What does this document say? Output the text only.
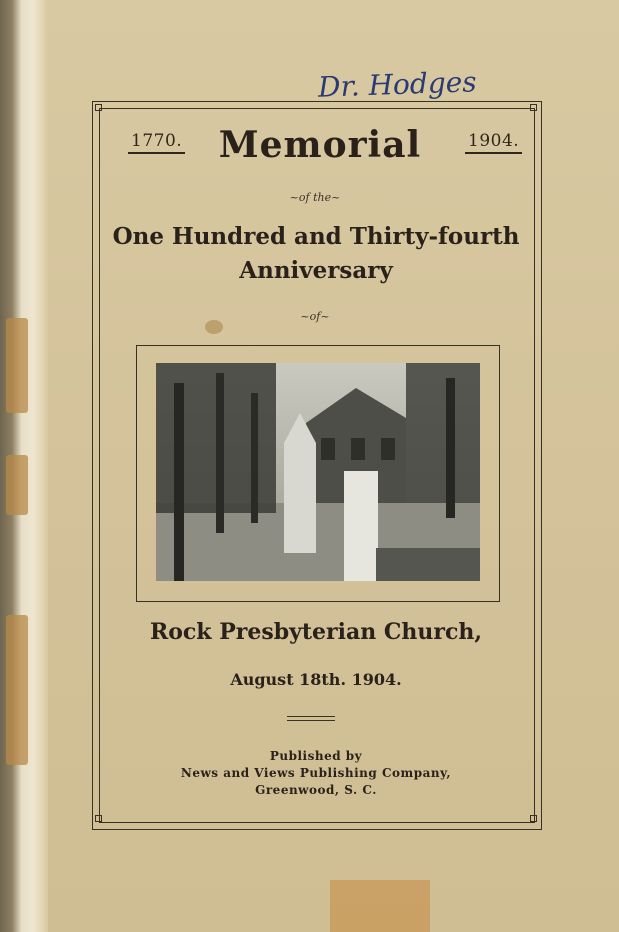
Dr. Hodges
1770.	1904.
Memorial
~of the~
One Hundred and Thirty-fourth
Anniversary
~of~
Rock Presbyterian Church,
August 18th. 1904.
Published by
News and Views Publishing Company,
Greenwood, S. C.
